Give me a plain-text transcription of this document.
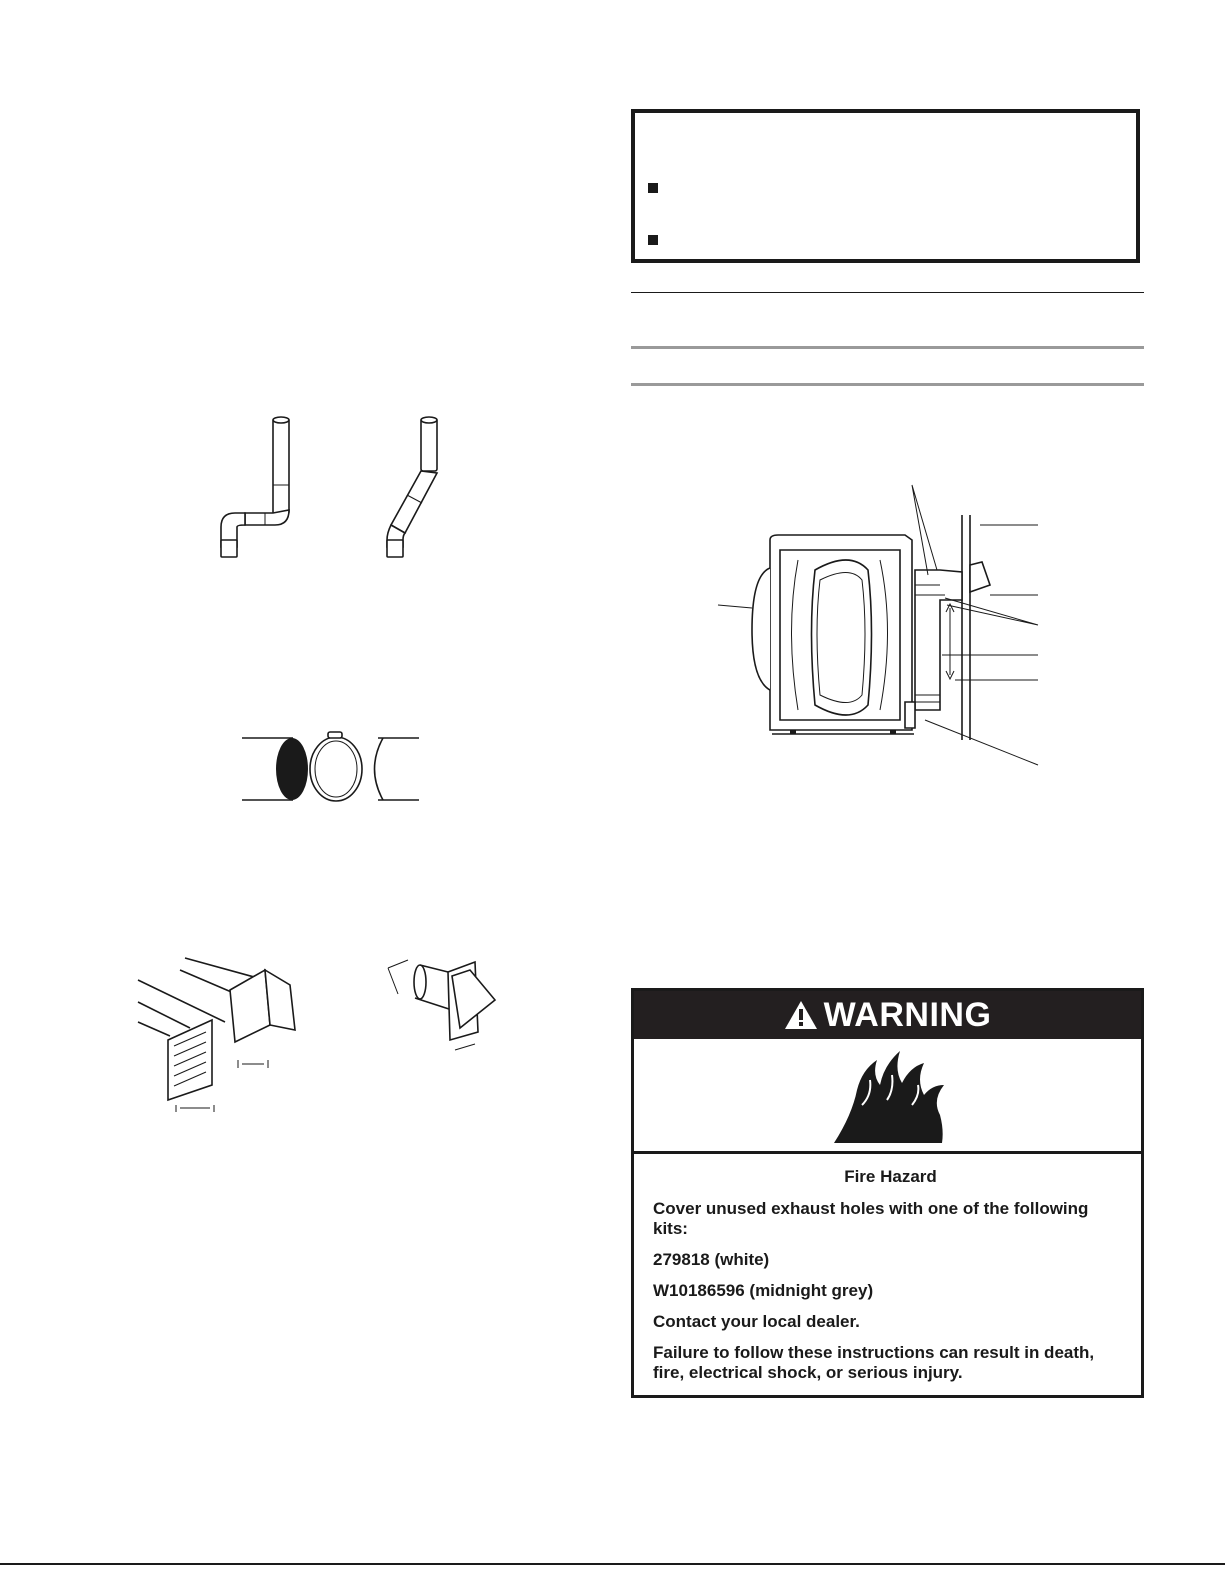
WARNING
Fire Hazard

Cover unused exhaust holes with one of the following kits:

279818 (white)

W10186596 (midnight grey)

Contact your local dealer.

Failure to follow these instructions can result in death, fire, electrical shock, or serious injury.
